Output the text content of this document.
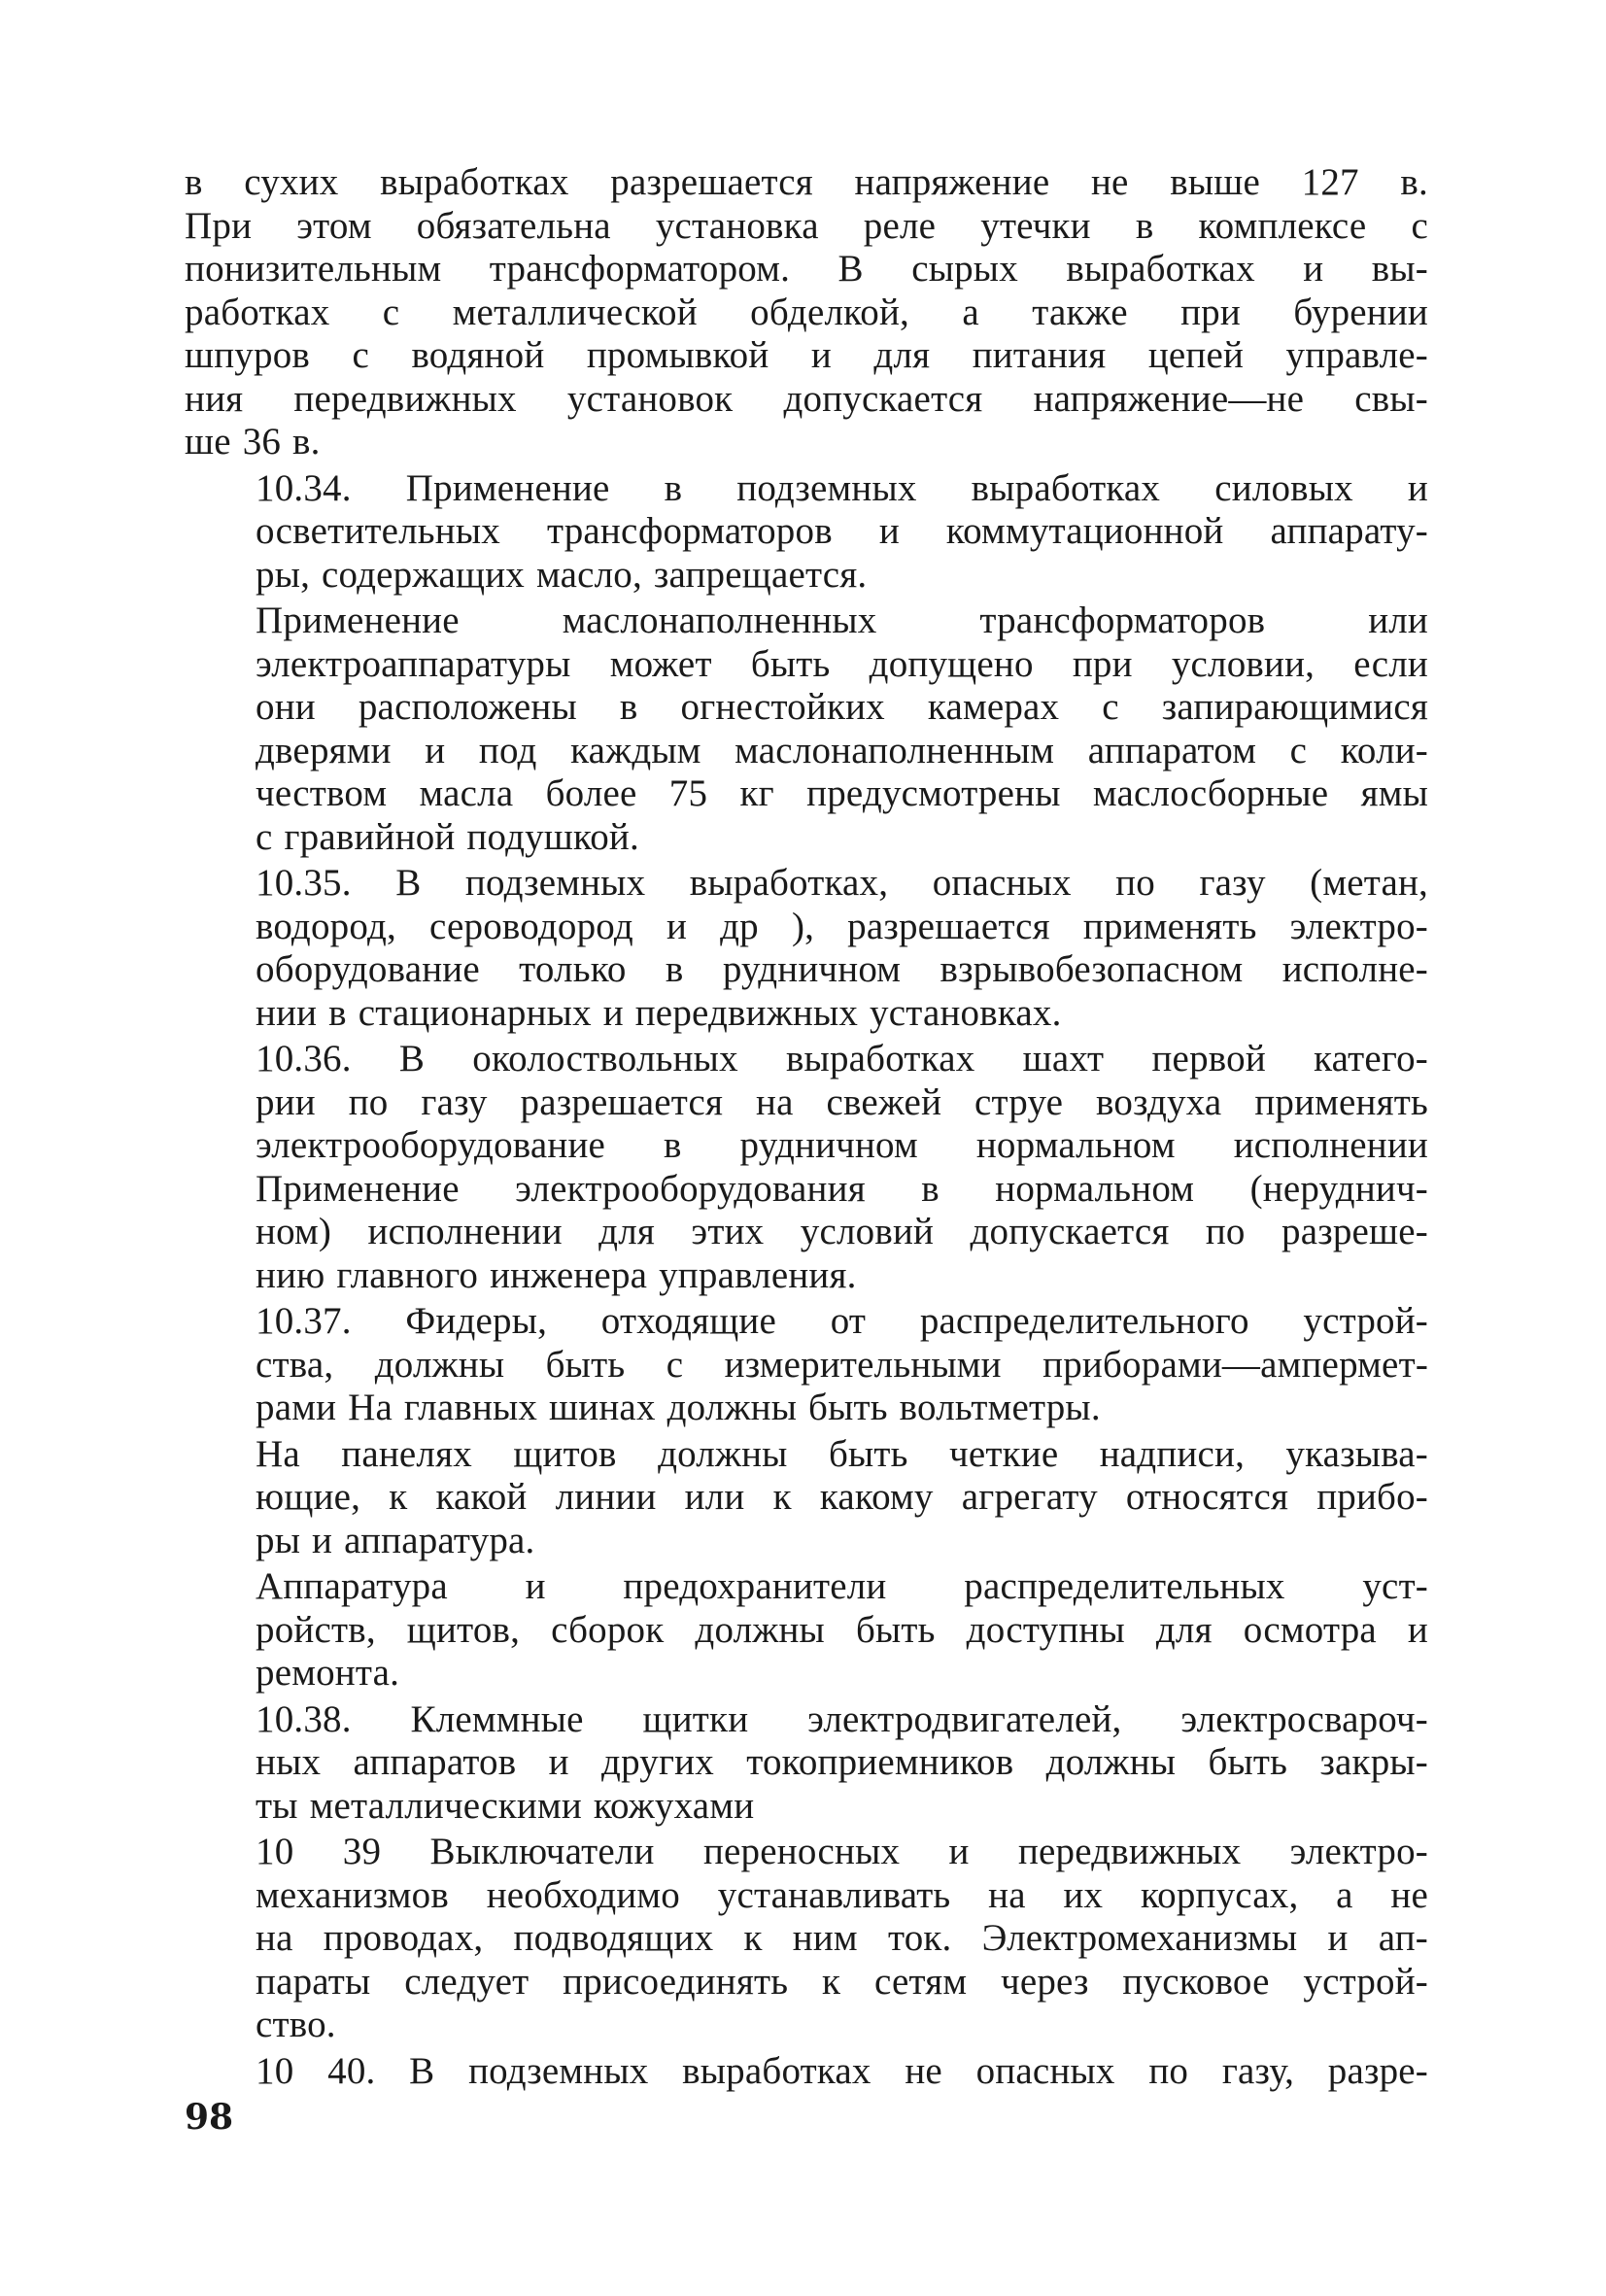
в сухих выработках разрешается напряжение не выше 127 в.
При этом обязательна установка реле утечки в комплексе с
понизительным трансформатором. В сырых выработках и вы-
работках с металлической обделкой, а также при бурении
шпуров с водяной промывкой и для питания цепей управле-
ния передвижных установок допускается напряжение—не свы-
ше 36 в.

10.34. Применение в подземных выработках силовых и
осветительных трансформаторов и коммутационной аппарату-
ры, содержащих масло, запрещается.

Применение маслонаполненных трансформаторов или
электроаппаратуры может быть допущено при условии, если
они расположены в огнестойких камерах с запирающимися
дверями и под каждым маслонаполненным аппаратом с коли-
чеством масла более 75 кг предусмотрены маслосборные ямы
с гравийной подушкой.

10.35. В подземных выработках, опасных по газу (метан,
водород, сероводород и др ), разрешается применять электро-
оборудование только в рудничном взрывобезопасном исполне-
нии в стационарных и передвижных установках.

10.36. В околоствольных выработках шахт первой катего-
рии по газу разрешается на свежей струе воздуха применять
электрооборудование в рудничном нормальном исполнении
Применение электрооборудования в нормальном (неруднич-
ном) исполнении для этих условий допускается по разреше-
нию главного инженера управления.

10.37. Фидеры, отходящие от распределительного устрой-
ства, должны быть с измерительными приборами—ампермет-
рами На главных шинах должны быть вольтметры.

На панелях щитов должны быть четкие надписи, указыва-
ющие, к какой линии или к какому агрегату относятся прибо-
ры и аппаратура.

Аппаратура и предохранители распределительных уст-
ройств, щитов, сборок должны быть доступны для осмотра и
ремонта.

10.38. Клеммные щитки электродвигателей, электросвароч-
ных аппаратов и других токоприемников должны быть закры-
ты металлическими кожухами

10 39 Выключатели переносных и передвижных электро-
механизмов необходимо устанавливать на их корпусах, а не
на проводах, подводящих к ним ток. Электромеханизмы и ап-
параты следует присоединять к сетям через пусковое устрой-
ство.

10 40. В подземных выработках не опасных по газу, разре-

98
